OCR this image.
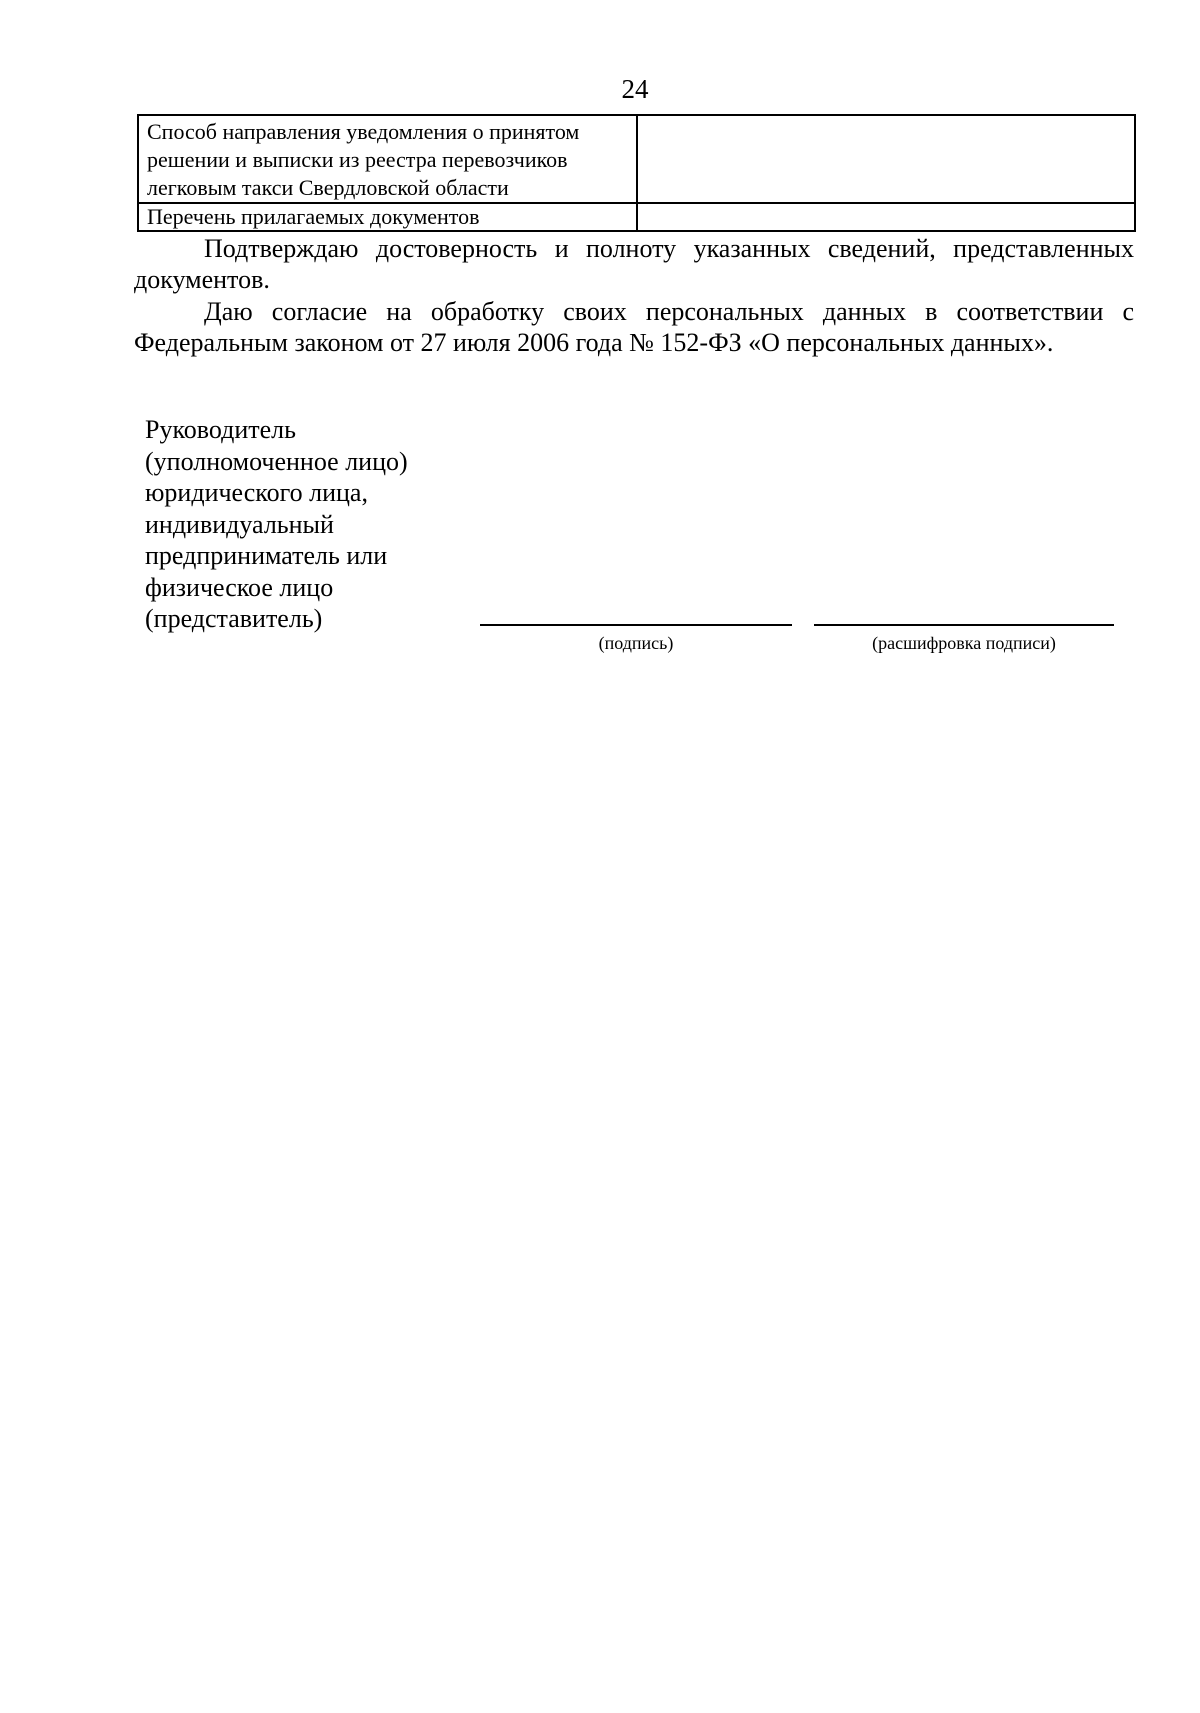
24
Способ направления уведомления о принятом решении и выписки из реестра перевозчиков легковым такси Свердловской области	
Перечень прилагаемых документов	

Подтверждаю достоверность и полноту указанных сведений, представленных документов.

Даю согласие на обработку своих персональных данных в соответствии с Федеральным законом от 27 июля 2006 года № 152-ФЗ «О персональных данных».

Руководитель
(уполномоченное лицо)
юридического лица,
индивидуальный
предприниматель или
физическое лицо
(представитель)
(подпись)	(расшифровка подписи)
